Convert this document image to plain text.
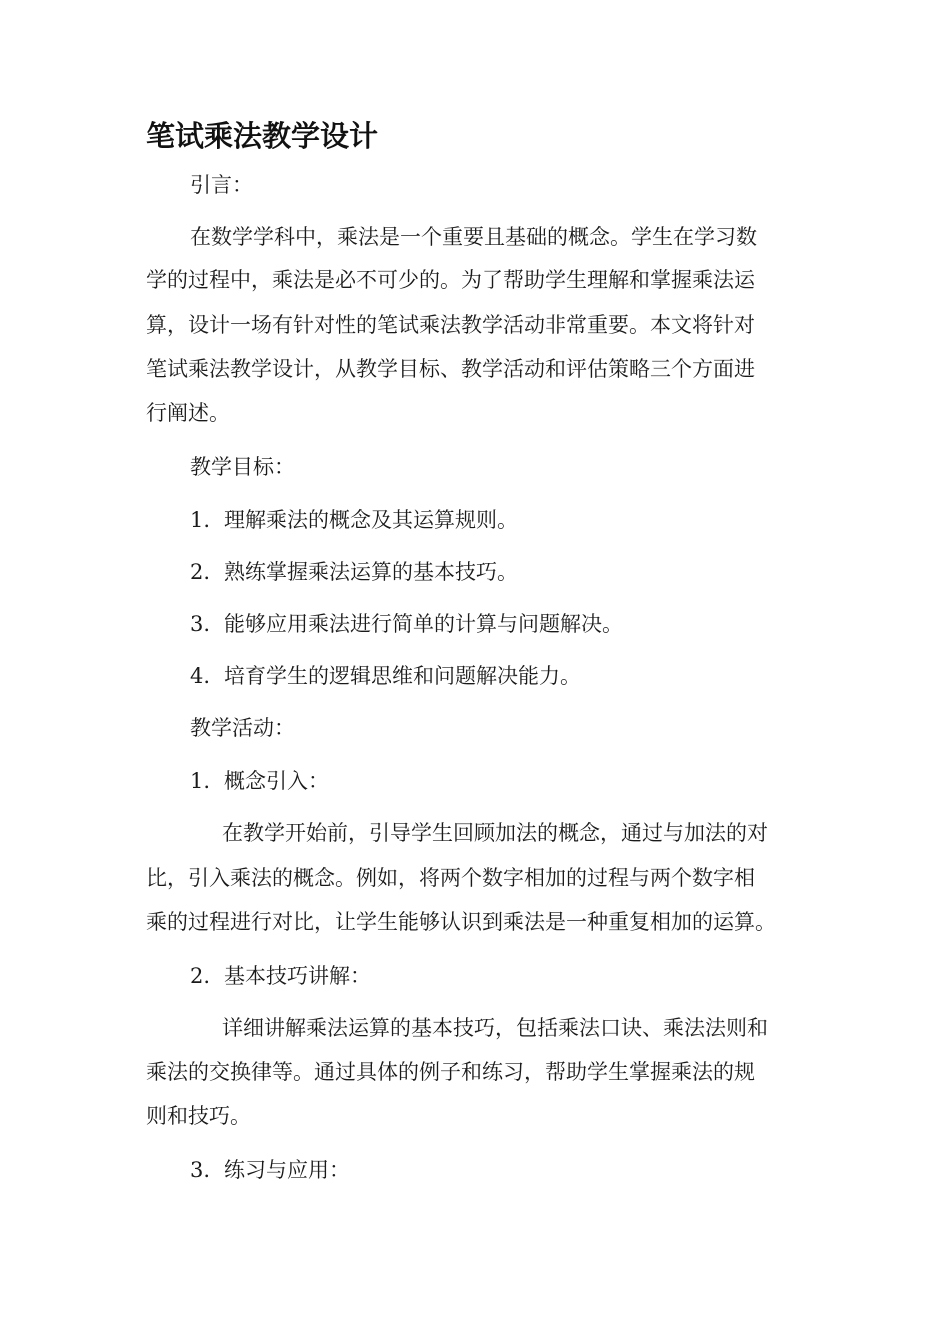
笔试乘法教学设计
引言：
在数学学科中，乘法是一个重要且基础的概念。学生在学习数
学的过程中，乘法是必不可少的。为了帮助学生理解和掌握乘法运
算，设计一场有针对性的笔试乘法教学活动非常重要。本文将针对
笔试乘法教学设计，从教学目标、教学活动和评估策略三个方面进
行阐述。
教学目标：
1. 理解乘法的概念及其运算规则。
2. 熟练掌握乘法运算的基本技巧。
3. 能够应用乘法进行简单的计算与问题解决。
4. 培育学生的逻辑思维和问题解决能力。
教学活动：
1. 概念引入：
在教学开始前，引导学生回顾加法的概念，通过与加法的对
比，引入乘法的概念。例如，将两个数字相加的过程与两个数字相
乘的过程进行对比，让学生能够认识到乘法是一种重复相加的运算。
2. 基本技巧讲解：
详细讲解乘法运算的基本技巧，包括乘法口诀、乘法法则和
乘法的交换律等。通过具体的例子和练习，帮助学生掌握乘法的规
则和技巧。
3. 练习与应用：
